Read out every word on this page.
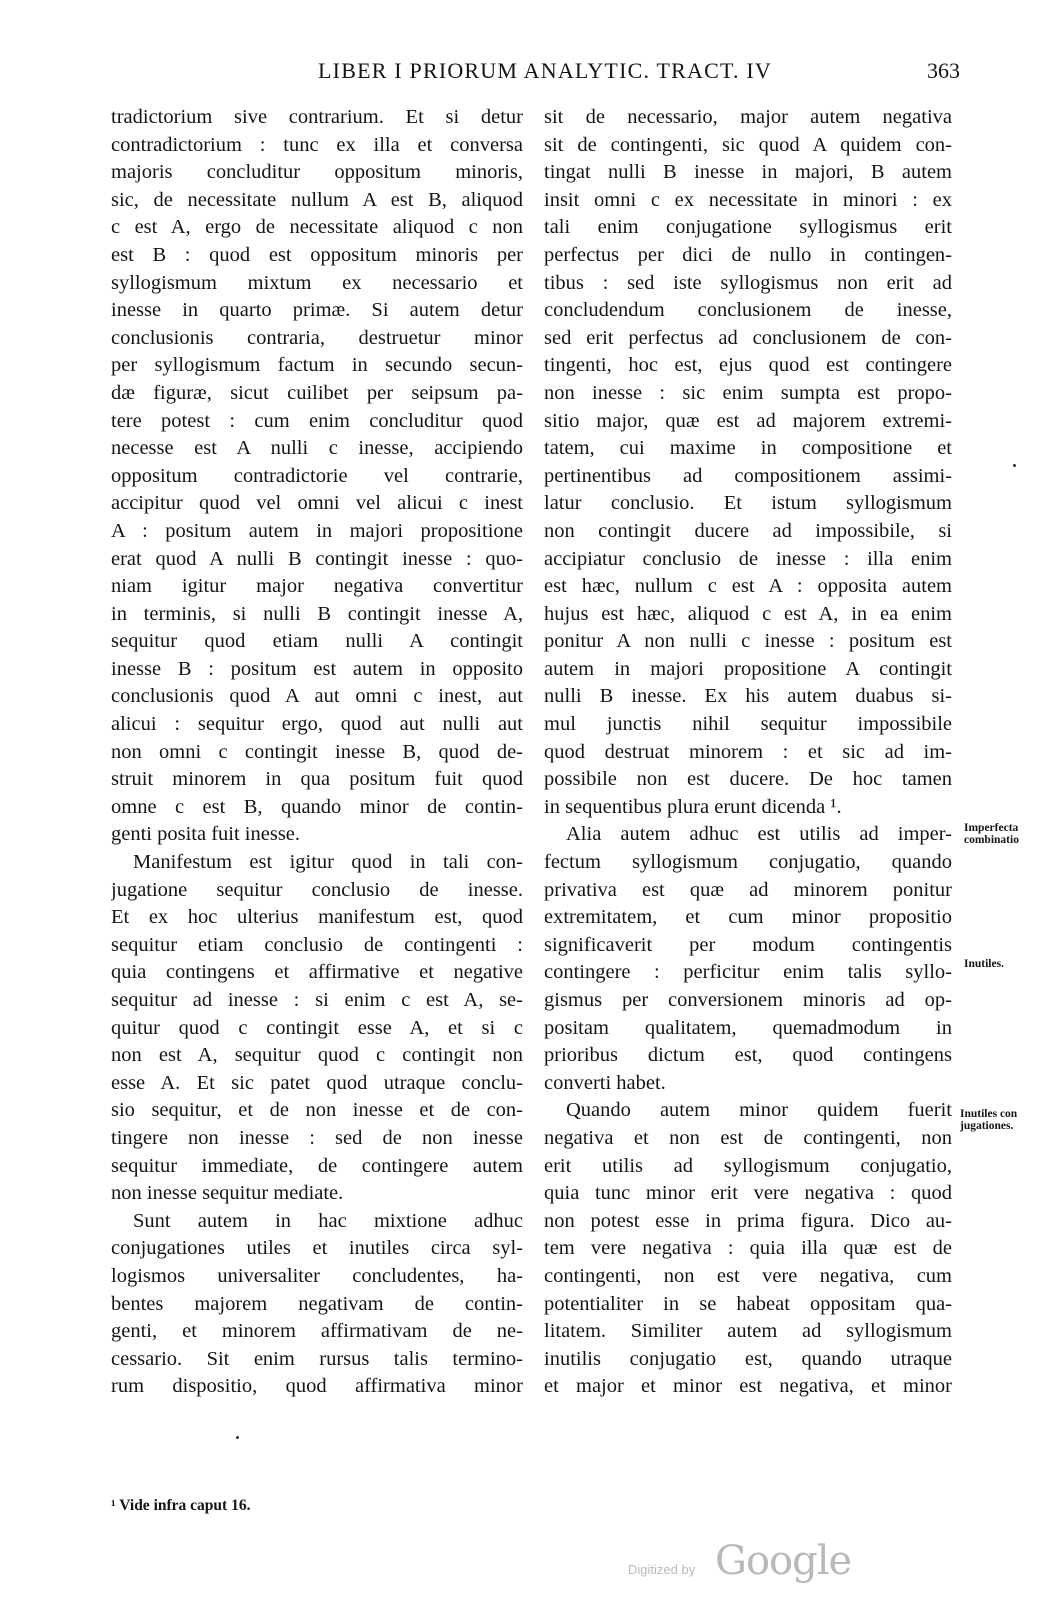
LIBER I PRIORUM ANALYTIC. TRACT. IV	363
tradictorium sive contrarium. Et si detur
contradictorium : tunc ex illa et conversa
majoris concluditur oppositum minoris,
sic, de necessitate nullum A est B, aliquod
c est A, ergo de necessitate aliquod c non
est B : quod est oppositum minoris per
syllogismum mixtum ex necessario et
inesse in quarto primæ. Si autem detur
conclusionis contraria, destruetur minor
per syllogismum factum in secundo secun-
dæ figuræ, sicut cuilibet per seipsum pa-
tere potest : cum enim concluditur quod
necesse est A nulli c inesse, accipiendo
oppositum contradictorie vel contrarie,
accipitur quod vel omni vel alicui c inest
A : positum autem in majori propositione
erat quod A nulli B contingit inesse : quo-
niam igitur major negativa convertitur
in terminis, si nulli B contingit inesse A,
sequitur quod etiam nulli A contingit
inesse B : positum est autem in opposito
conclusionis quod A aut omni c inest, aut
alicui : sequitur ergo, quod aut nulli aut
non omni c contingit inesse B, quod de-
struit minorem in qua positum fuit quod
omne c est B, quando minor de contin-
genti posita fuit inesse.
Manifestum est igitur quod in tali con-
jugatione sequitur conclusio de inesse.
Et ex hoc ulterius manifestum est, quod
sequitur etiam conclusio de contingenti :
quia contingens et affirmative et negative
sequitur ad inesse : si enim c est A, se-
quitur quod c contingit esse A, et si c
non est A, sequitur quod c contingit non
esse A. Et sic patet quod utraque conclu-
sio sequitur, et de non inesse et de con-
tingere non inesse : sed de non inesse
sequitur immediate, de contingere autem
non inesse sequitur mediate.
Sunt autem in hac mixtione adhuc
conjugationes utiles et inutiles circa syl-
logismos universaliter concludentes, ha-
bentes majorem negativam de contin-
genti, et minorem affirmativam de ne-
cessario. Sit enim rursus talis termino-
rum dispositio, quod affirmativa minor
sit de necessario, major autem negativa
sit de contingenti, sic quod A quidem con-
tingat nulli B inesse in majori, B autem
insit omni c ex necessitate in minori : ex
tali enim conjugatione syllogismus erit
perfectus per dici de nullo in contingen-
tibus : sed iste syllogismus non erit ad
concludendum conclusionem de inesse,
sed erit perfectus ad conclusionem de con-
tingenti, hoc est, ejus quod est contingere
non inesse : sic enim sumpta est propo-
sitio major, quæ est ad majorem extremi-
tatem, cui maxime in compositione et
pertinentibus ad compositionem assimi-
latur conclusio. Et istum syllogismum
non contingit ducere ad impossibile, si
accipiatur conclusio de inesse : illa enim
est hæc, nullum c est A : opposita autem
hujus est hæc, aliquod c est A, in ea enim
ponitur A non nulli c inesse : positum est
autem in majori propositione A contingit
nulli B inesse. Ex his autem duabus si-
mul junctis nihil sequitur impossibile
quod destruat minorem : et sic ad im-
possibile non est ducere. De hoc tamen
in sequentibus plura erunt dicenda ¹.
Alia autem adhuc est utilis ad imper-
fectum syllogismum conjugatio, quando
privativa est quæ ad minorem ponitur
extremitatem, et cum minor propositio
significaverit per modum contingentis
contingere : perficitur enim talis syllo-
gismus per conversionem minoris ad op-
positam qualitatem, quemadmodum in
prioribus dictum est, quod contingens
converti habet.
Quando autem minor quidem fuerit
negativa et non est de contingenti, non
erit utilis ad syllogismum conjugatio,
quia tunc minor erit vere negativa : quod
non potest esse in prima figura. Dico au-
tem vere negativa : quia illa quæ est de
contingenti, non est vere negativa, cum
potentialiter in se habeat oppositam qua-
litatem. Similiter autem ad syllogismum
inutilis conjugatio est, quando utraque
et major et minor est negativa, et minor
Imperfecta
combinatio
Inutiles.
Inutiles con
jugationes.
¹ Vide infra caput 16.
Digitized by Google
